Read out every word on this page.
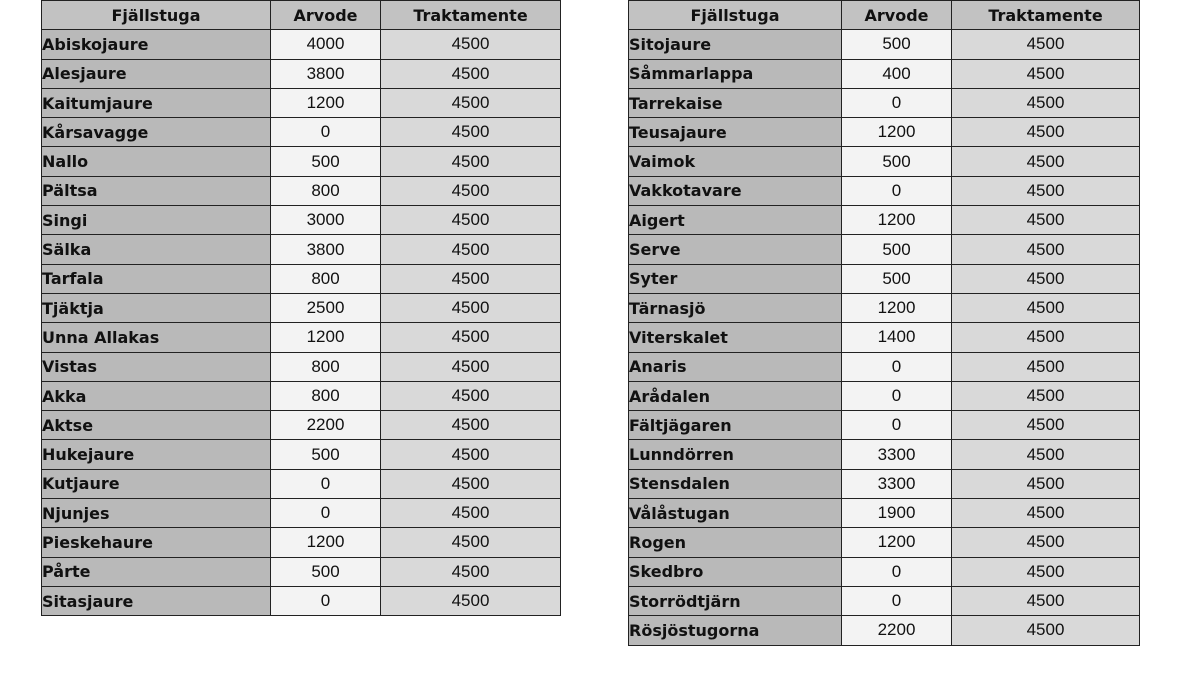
Fjällstuga	Arvode	Traktamente
Abiskojaure	4000	4500
Alesjaure	3800	4500
Kaitumjaure	1200	4500
Kårsavagge	0	4500
Nallo	500	4500
Pältsa	800	4500
Singi	3000	4500
Sälka	3800	4500
Tarfala	800	4500
Tjäktja	2500	4500
Unna Allakas	1200	4500
Vistas	800	4500
Akka	800	4500
Aktse	2200	4500
Hukejaure	500	4500
Kutjaure	0	4500
Njunjes	0	4500
Pieskehaure	1200	4500
Pårte	500	4500
Sitasjaure	0	4500
Fjällstuga	Arvode	Traktamente
Sitojaure	500	4500
Såmmarlappa	400	4500
Tarrekaise	0	4500
Teusajaure	1200	4500
Vaimok	500	4500
Vakkotavare	0	4500
Aigert	1200	4500
Serve	500	4500
Syter	500	4500
Tärnasjö	1200	4500
Viterskalet	1400	4500
Anaris	0	4500
Arådalen	0	4500
Fältjägaren	0	4500
Lunndörren	3300	4500
Stensdalen	3300	4500
Vålåstugan	1900	4500
Rogen	1200	4500
Skedbro	0	4500
Storrödtjärn	0	4500
Rösjöstugorna	2200	4500
